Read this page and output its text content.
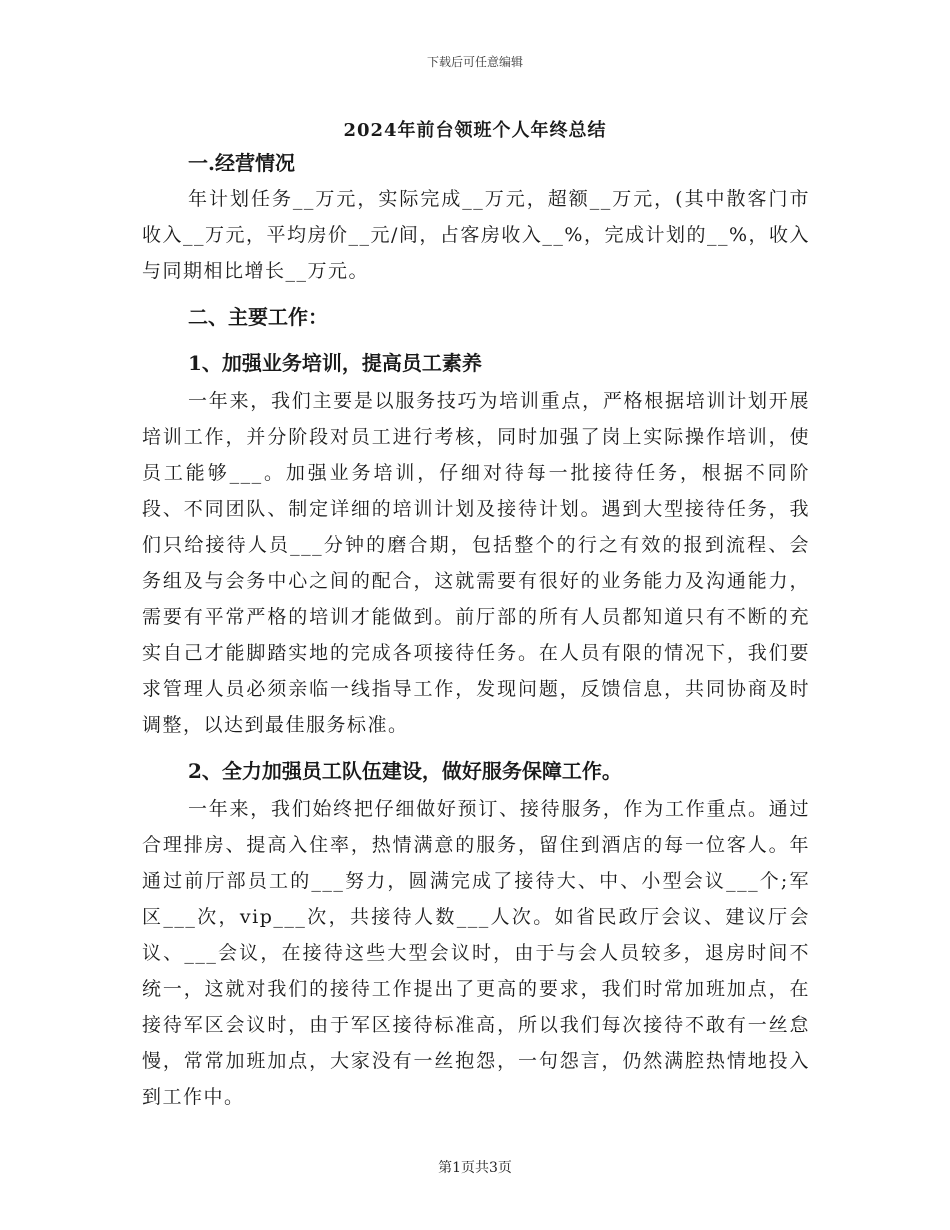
下载后可任意编辑
2024年前台领班个人年终总结
一.经营情况

年计划任务__万元，实际完成__万元，超额__万元，(其中散客门市收入__万元，平均房价__元/间，占客房收入__%，完成计划的__%，收入与同期相比增长__万元。

二、主要工作：
1、加强业务培训，提高员工素养

一年来，我们主要是以服务技巧为培训重点，严格根据培训计划开展培训工作，并分阶段对员工进行考核，同时加强了岗上实际操作培训，使员工能够___。加强业务培训，仔细对待每一批接待任务，根据不同阶段、不同团队、制定详细的培训计划及接待计划。遇到大型接待任务，我们只给接待人员___分钟的磨合期，包括整个的行之有效的报到流程、会务组及与会务中心之间的配合，这就需要有很好的业务能力及沟通能力，需要有平常严格的培训才能做到。前厅部的所有人员都知道只有不断的充实自己才能脚踏实地的完成各项接待任务。在人员有限的情况下，我们要求管理人员必须亲临一线指导工作，发现问题，反馈信息，共同协商及时调整，以达到最佳服务标准。

2、全力加强员工队伍建设，做好服务保障工作。

一年来，我们始终把仔细做好预订、接待服务，作为工作重点。通过合理排房、提高入住率，热情满意的服务，留住到酒店的每一位客人。年通过前厅部员工的___努力，圆满完成了接待大、中、小型会议___个;军区___次，vip___次，共接待人数___人次。如省民政厅会议、建议厅会议、___会议，在接待这些大型会议时，由于与会人员较多，退房时间不统一，这就对我们的接待工作提出了更高的要求，我们时常加班加点，在接待军区会议时，由于军区接待标准高，所以我们每次接待不敢有一丝怠慢，常常加班加点，大家没有一丝抱怨，一句怨言，仍然满腔热情地投入到工作中。

第1页共3页
